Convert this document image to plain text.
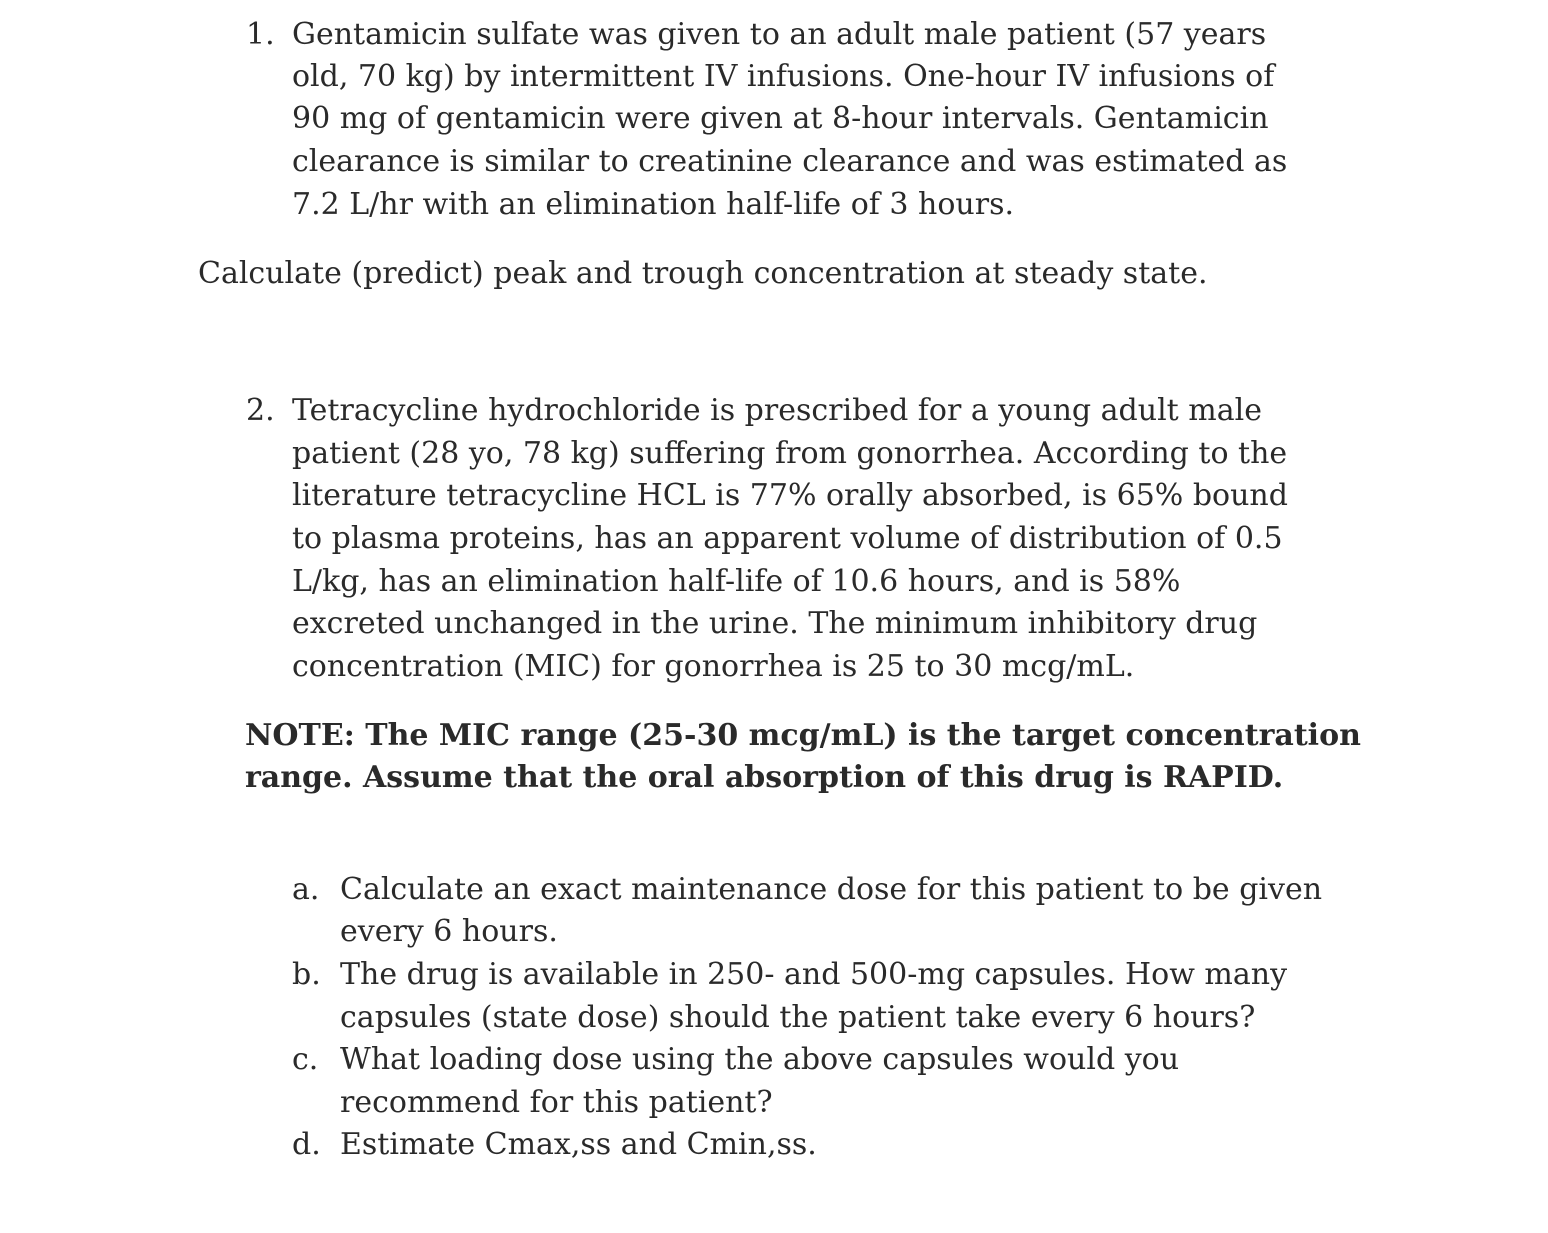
1. Gentamicin sulfate was given to an adult male patient (57 years
old, 70 kg) by intermittent IV infusions. One-hour IV infusions of
90 mg of gentamicin were given at 8-hour intervals. Gentamicin
clearance is similar to creatinine clearance and was estimated as
7.2 L/hr with an elimination half-life of 3 hours.
Calculate (predict) peak and trough concentration at steady state.
2. Tetracycline hydrochloride is prescribed for a young adult male
patient (28 yo, 78 kg) suffering from gonorrhea. According to the
literature tetracycline HCL is 77% orally absorbed, is 65% bound
to plasma proteins, has an apparent volume of distribution of 0.5
L/kg, has an elimination half-life of 10.6 hours, and is 58%
excreted unchanged in the urine. The minimum inhibitory drug
concentration (MIC) for gonorrhea is 25 to 30 mcg/mL.
NOTE: The MIC range (25-30 mcg/mL) is the target concentration
range. Assume that the oral absorption of this drug is RAPID.
a. Calculate an exact maintenance dose for this patient to be given
every 6 hours.
b. The drug is available in 250- and 500-mg capsules. How many
capsules (state dose) should the patient take every 6 hours?
c. What loading dose using the above capsules would you
recommend for this patient?
d. Estimate Cmax,ss and Cmin,ss.
